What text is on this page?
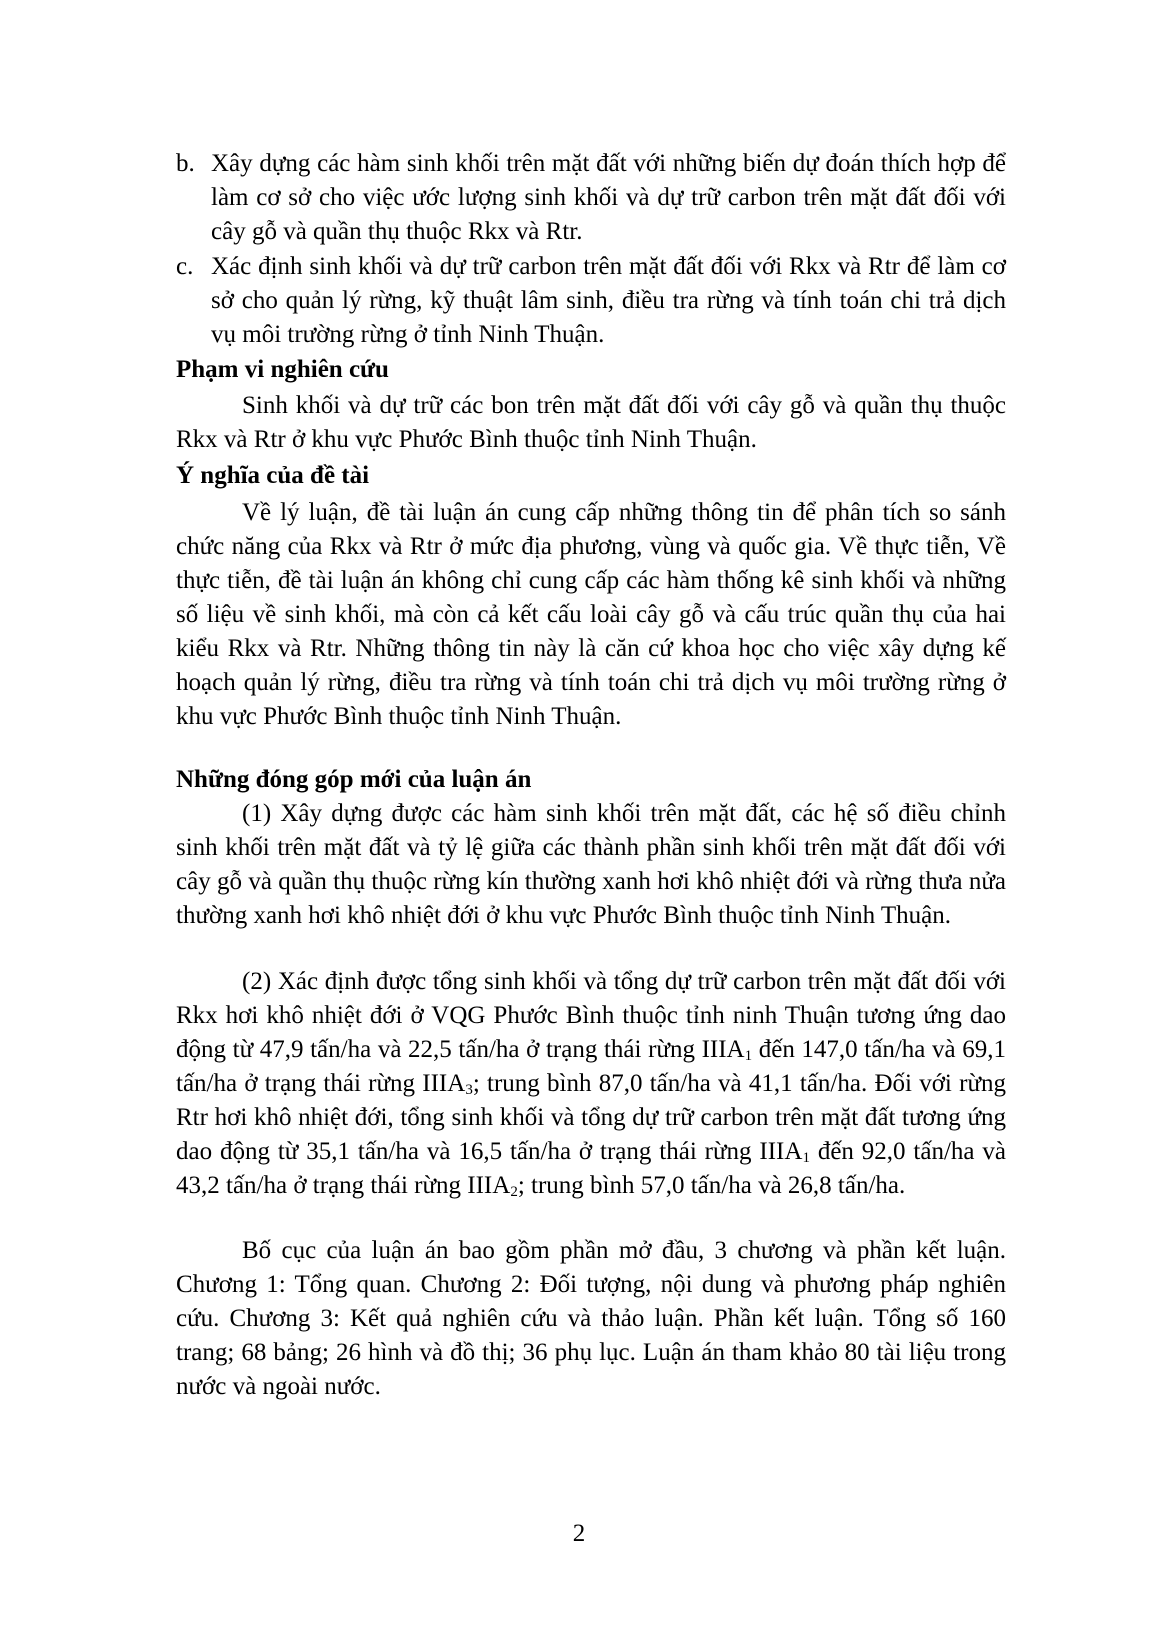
b. Xây dựng các hàm sinh khối trên mặt đất với những biến dự đoán thích hợp để làm cơ sở cho việc ước lượng sinh khối và dự trữ carbon trên mặt đất đối với cây gỗ và quần thụ thuộc Rkx và Rtr.
c. Xác định sinh khối và dự trữ carbon trên mặt đất đối với Rkx và Rtr để làm cơ sở cho quản lý rừng, kỹ thuật lâm sinh, điều tra rừng và tính toán chi trả dịch vụ môi trường rừng ở tỉnh Ninh Thuận.
Phạm vi nghiên cứu
Sinh khối và dự trữ các bon trên mặt đất đối với cây gỗ và quần thụ thuộc Rkx và Rtr ở khu vực Phước Bình thuộc tỉnh Ninh Thuận.
Ý nghĩa của đề tài
Về lý luận, đề tài luận án cung cấp những thông tin để phân tích so sánh chức năng của Rkx và Rtr ở mức địa phương, vùng và quốc gia. Về thực tiễn, Về thực tiễn, đề tài luận án không chỉ cung cấp các hàm thống kê sinh khối và những số liệu về sinh khối, mà còn cả kết cấu loài cây gỗ và cấu trúc quần thụ của hai kiểu Rkx và Rtr. Những thông tin này là căn cứ khoa học cho việc xây dựng kế hoạch quản lý rừng, điều tra rừng và tính toán chi trả dịch vụ môi trường rừng ở khu vực Phước Bình thuộc tỉnh Ninh Thuận.
Những đóng góp mới của luận án
(1) Xây dựng được các hàm sinh khối trên mặt đất, các hệ số điều chỉnh sinh khối trên mặt đất và tỷ lệ giữa các thành phần sinh khối trên mặt đất đối với cây gỗ và quần thụ thuộc rừng kín thường xanh hơi khô nhiệt đới và rừng thưa nửa thường xanh hơi khô nhiệt đới ở khu vực Phước Bình thuộc tỉnh Ninh Thuận.
(2) Xác định được tổng sinh khối và tổng dự trữ carbon trên mặt đất đối với Rkx hơi khô nhiệt đới ở VQG Phước Bình thuộc tỉnh ninh Thuận tương ứng dao động từ 47,9 tấn/ha và 22,5 tấn/ha ở trạng thái rừng $IIIA_1$ đến 147,0 tấn/ha và 69,1 tấn/ha ở trạng thái rừng $IIIA_3$; trung bình 87,0 tấn/ha và 41,1 tấn/ha. Đối với rừng Rtr hơi khô nhiệt đới, tổng sinh khối và tổng dự trữ carbon trên mặt đất tương ứng dao động từ 35,1 tấn/ha và 16,5 tấn/ha ở trạng thái rừng $IIIA_1$ đến 92,0 tấn/ha và 43,2 tấn/ha ở trạng thái rừng $IIIA_2$; trung bình 57,0 tấn/ha và 26,8 tấn/ha.
Bố cục của luận án bao gồm phần mở đầu, 3 chương và phần kết luận. Chương 1: Tổng quan. Chương 2: Đối tượng, nội dung và phương pháp nghiên cứu. Chương 3: Kết quả nghiên cứu và thảo luận. Phần kết luận. Tổng số 160 trang; 68 bảng; 26 hình và đồ thị; 36 phụ lục. Luận án tham khảo 80 tài liệu trong nước và ngoài nước.
2
